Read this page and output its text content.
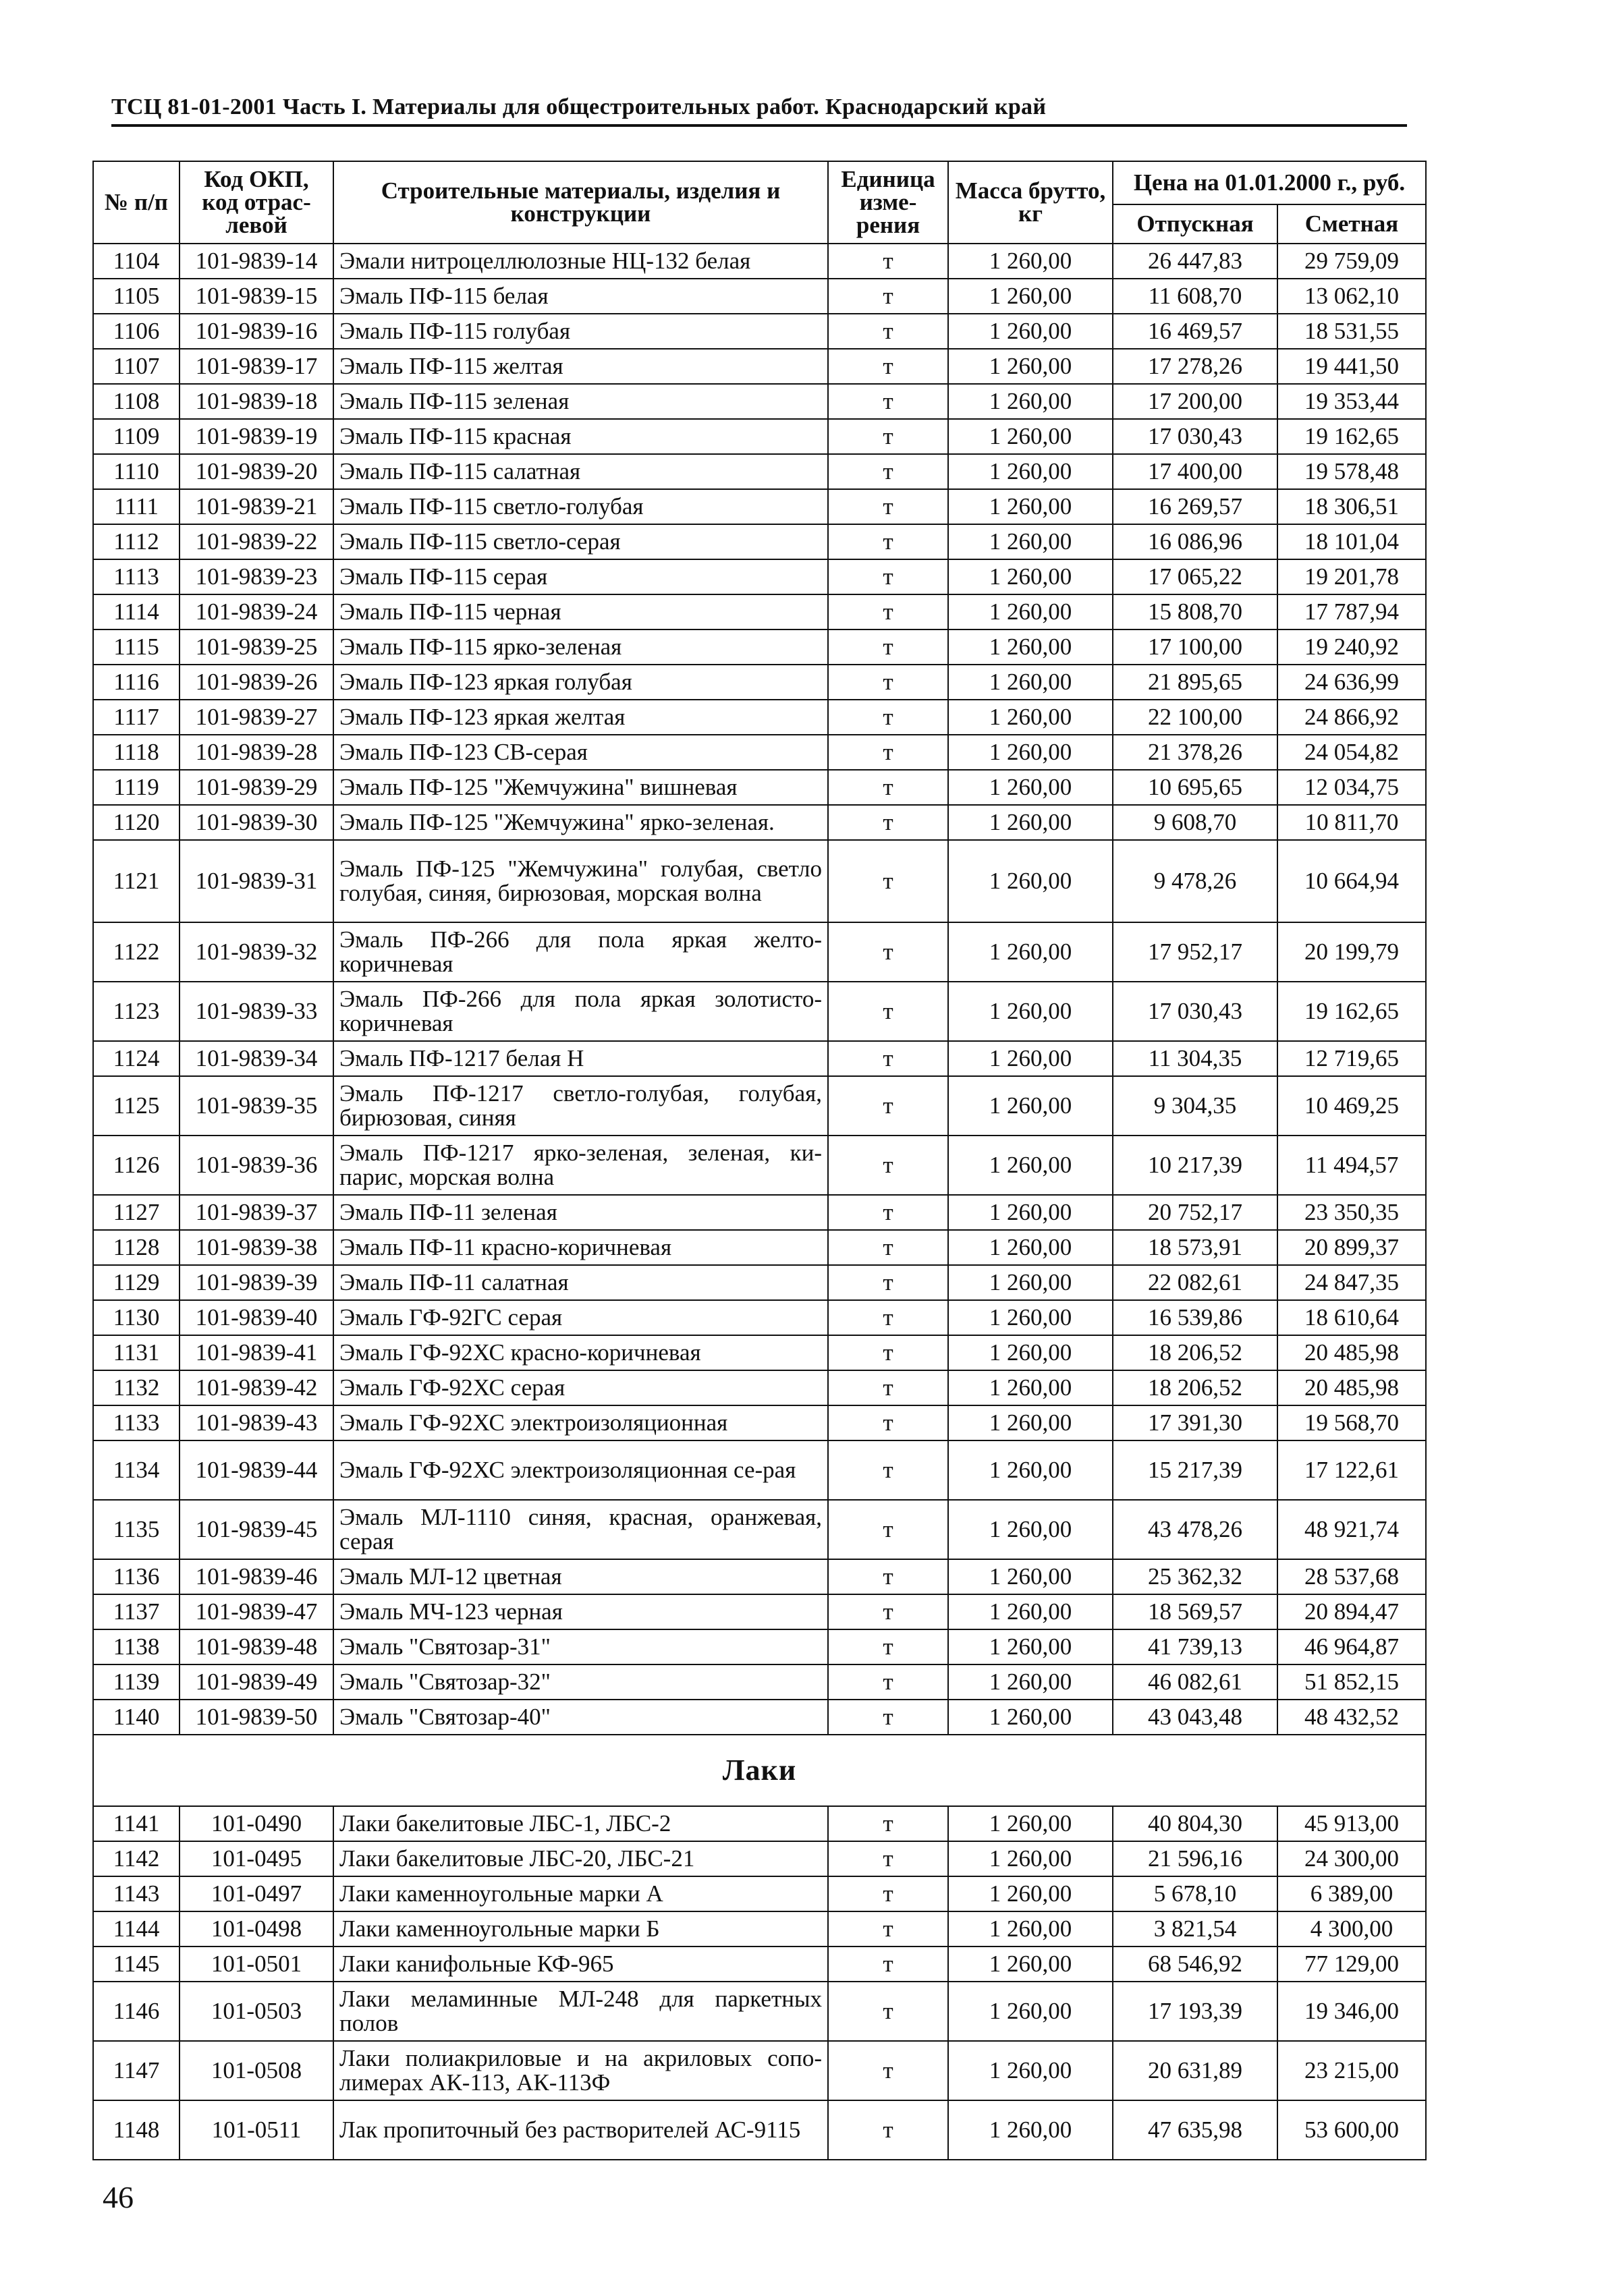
ТСЦ 81-01-2001 Часть I. Материалы для общестроительных работ. Краснодарский край
№ п/п	Код ОКП, код отрас-левой	Строительные материалы, изделия и конструкции	Единица изме-рения	Масса брутто, кг	Цена на 01.01.2000 г., руб.	
					Отпускная	Сметная
1104	101-9839-14	Эмали нитроцеллюлозные НЦ-132 белая	т	1 260,00	26 447,83	29 759,09
1105	101-9839-15	Эмаль ПФ-115 белая	т	1 260,00	11 608,70	13 062,10
1106	101-9839-16	Эмаль ПФ-115 голубая	т	1 260,00	16 469,57	18 531,55
1107	101-9839-17	Эмаль ПФ-115 желтая	т	1 260,00	17 278,26	19 441,50
1108	101-9839-18	Эмаль ПФ-115 зеленая	т	1 260,00	17 200,00	19 353,44
1109	101-9839-19	Эмаль ПФ-115 красная	т	1 260,00	17 030,43	19 162,65
1110	101-9839-20	Эмаль ПФ-115 салатная	т	1 260,00	17 400,00	19 578,48
1111	101-9839-21	Эмаль ПФ-115 светло-голубая	т	1 260,00	16 269,57	18 306,51
1112	101-9839-22	Эмаль ПФ-115 светло-серая	т	1 260,00	16 086,96	18 101,04
1113	101-9839-23	Эмаль ПФ-115 серая	т	1 260,00	17 065,22	19 201,78
1114	101-9839-24	Эмаль ПФ-115 черная	т	1 260,00	15 808,70	17 787,94
1115	101-9839-25	Эмаль ПФ-115 ярко-зеленая	т	1 260,00	17 100,00	19 240,92
1116	101-9839-26	Эмаль ПФ-123 яркая голубая	т	1 260,00	21 895,65	24 636,99
1117	101-9839-27	Эмаль ПФ-123 яркая желтая	т	1 260,00	22 100,00	24 866,92
1118	101-9839-28	Эмаль ПФ-123 СВ-серая	т	1 260,00	21 378,26	24 054,82
1119	101-9839-29	Эмаль ПФ-125 "Жемчужина" вишневая	т	1 260,00	10 695,65	12 034,75
1120	101-9839-30	Эмаль ПФ-125 "Жемчужина" ярко-зеленая.	т	1 260,00	9 608,70	10 811,70
1121	101-9839-31	Эмаль ПФ-125 "Жемчужина" голубая, светло голубая, синяя, бирюзовая, морская волна	т	1 260,00	9 478,26	10 664,94
1122	101-9839-32	Эмаль ПФ-266 для пола яркая желто-коричневая	т	1 260,00	17 952,17	20 199,79
1123	101-9839-33	Эмаль ПФ-266 для пола яркая золотисто-коричневая	т	1 260,00	17 030,43	19 162,65
1124	101-9839-34	Эмаль ПФ-1217 белая Н	т	1 260,00	11 304,35	12 719,65
1125	101-9839-35	Эмаль ПФ-1217 светло-голубая, голубая, бирюзовая, синяя	т	1 260,00	9 304,35	10 469,25
1126	101-9839-36	Эмаль ПФ-1217 ярко-зеленая, зеленая, ки-парис, морская волна	т	1 260,00	10 217,39	11 494,57
1127	101-9839-37	Эмаль ПФ-11 зеленая	т	1 260,00	20 752,17	23 350,35
1128	101-9839-38	Эмаль ПФ-11 красно-коричневая	т	1 260,00	18 573,91	20 899,37
1129	101-9839-39	Эмаль ПФ-11 салатная	т	1 260,00	22 082,61	24 847,35
1130	101-9839-40	Эмаль ГФ-92ГС серая	т	1 260,00	16 539,86	18 610,64
1131	101-9839-41	Эмаль ГФ-92ХС красно-коричневая	т	1 260,00	18 206,52	20 485,98
1132	101-9839-42	Эмаль ГФ-92ХС серая	т	1 260,00	18 206,52	20 485,98
1133	101-9839-43	Эмаль ГФ-92ХС электроизоляционная	т	1 260,00	17 391,30	19 568,70
1134	101-9839-44	Эмаль ГФ-92ХС электроизоляционная се-рая	т	1 260,00	15 217,39	17 122,61
1135	101-9839-45	Эмаль МЛ-1110 синяя, красная, оранжевая, серая	т	1 260,00	43 478,26	48 921,74
1136	101-9839-46	Эмаль МЛ-12 цветная	т	1 260,00	25 362,32	28 537,68
1137	101-9839-47	Эмаль МЧ-123 черная	т	1 260,00	18 569,57	20 894,47
1138	101-9839-48	Эмаль "Святозар-31"	т	1 260,00	41 739,13	46 964,87
1139	101-9839-49	Эмаль "Святозар-32"	т	1 260,00	46 082,61	51 852,15
1140	101-9839-50	Эмаль "Святозар-40"	т	1 260,00	43 043,48	48 432,52
Лаки						
1141	101-0490	Лаки бакелитовые ЛБС-1, ЛБС-2	т	1 260,00	40 804,30	45 913,00
1142	101-0495	Лаки бакелитовые ЛБС-20, ЛБС-21	т	1 260,00	21 596,16	24 300,00
1143	101-0497	Лаки каменноугольные марки А	т	1 260,00	5 678,10	6 389,00
1144	101-0498	Лаки каменноугольные марки Б	т	1 260,00	3 821,54	4 300,00
1145	101-0501	Лаки канифольные КФ-965	т	1 260,00	68 546,92	77 129,00
1146	101-0503	Лаки меламинные МЛ-248 для паркетных полов	т	1 260,00	17 193,39	19 346,00
1147	101-0508	Лаки полиакриловые и на акриловых сопо-лимерах АК-113, АК-113Ф	т	1 260,00	20 631,89	23 215,00
1148	101-0511	Лак пропиточный без растворителей АС-9115	т	1 260,00	47 635,98	53 600,00
46
